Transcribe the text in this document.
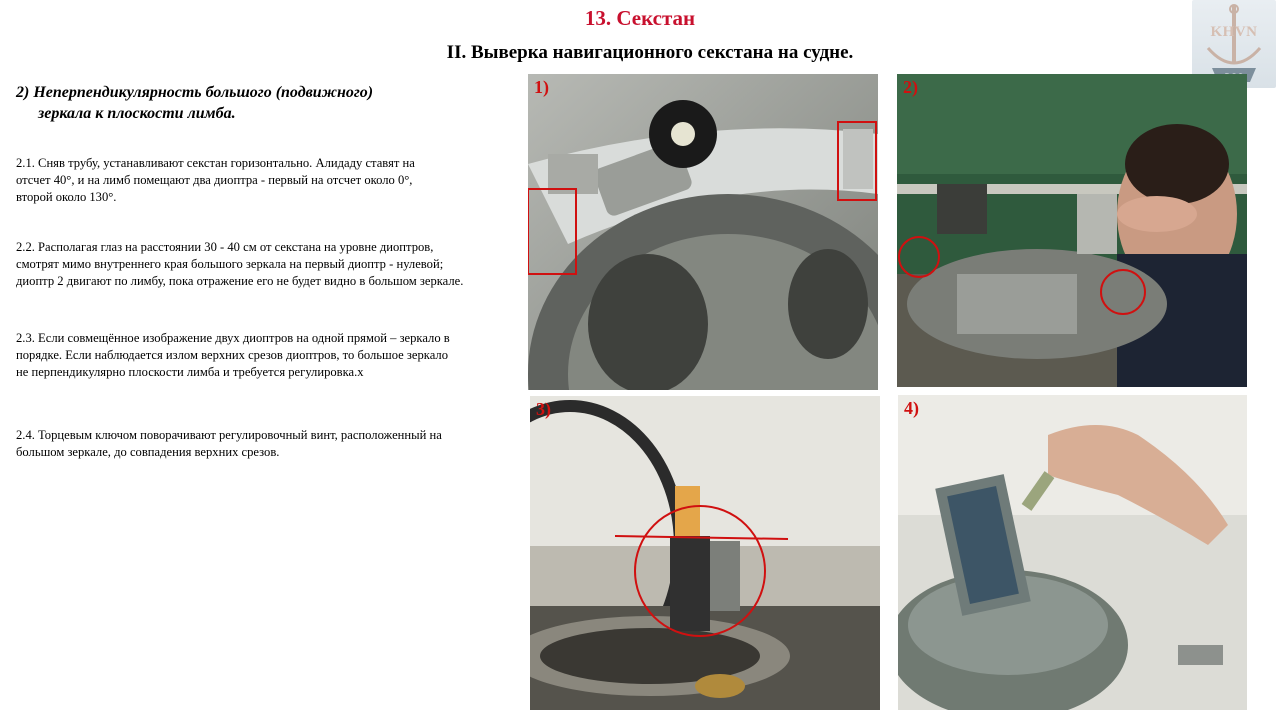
13. Секстан
II. Выверка навигационного секстана на судне.
KHVN
2) Неперпендикулярность большого (подвижного)
зеркала к плоскости лимба.
2.1. Сняв трубу, устанавливают секстан горизонтально. Алидаду ставят на
отсчет 40°, и на лимб помещают два диоптра - первый на отсчет около 0°,
второй около 130°.
2.2. Располагая глаз на расстоянии 30 - 40 см от секстана на уровне диоптров,
смотрят мимо внутреннего края большого зеркала на первый диоптр - нулевой;
диоптр 2 двигают по лимбу, пока отражение его не будет видно в большом зеркале.
2.3. Если совмещённое изображение двух диоптров на одной прямой – зеркало в
порядке. Если наблюдается излом верхних срезов диоптров, то большое зеркало
не перпендикулярно плоскости лимба и требуется регулировка.x
2.4. Торцевым ключом поворачивают регулировочный винт, расположенный на
большом зеркале, до совпадения верхних срезов.
1)	2)
3)	4)
